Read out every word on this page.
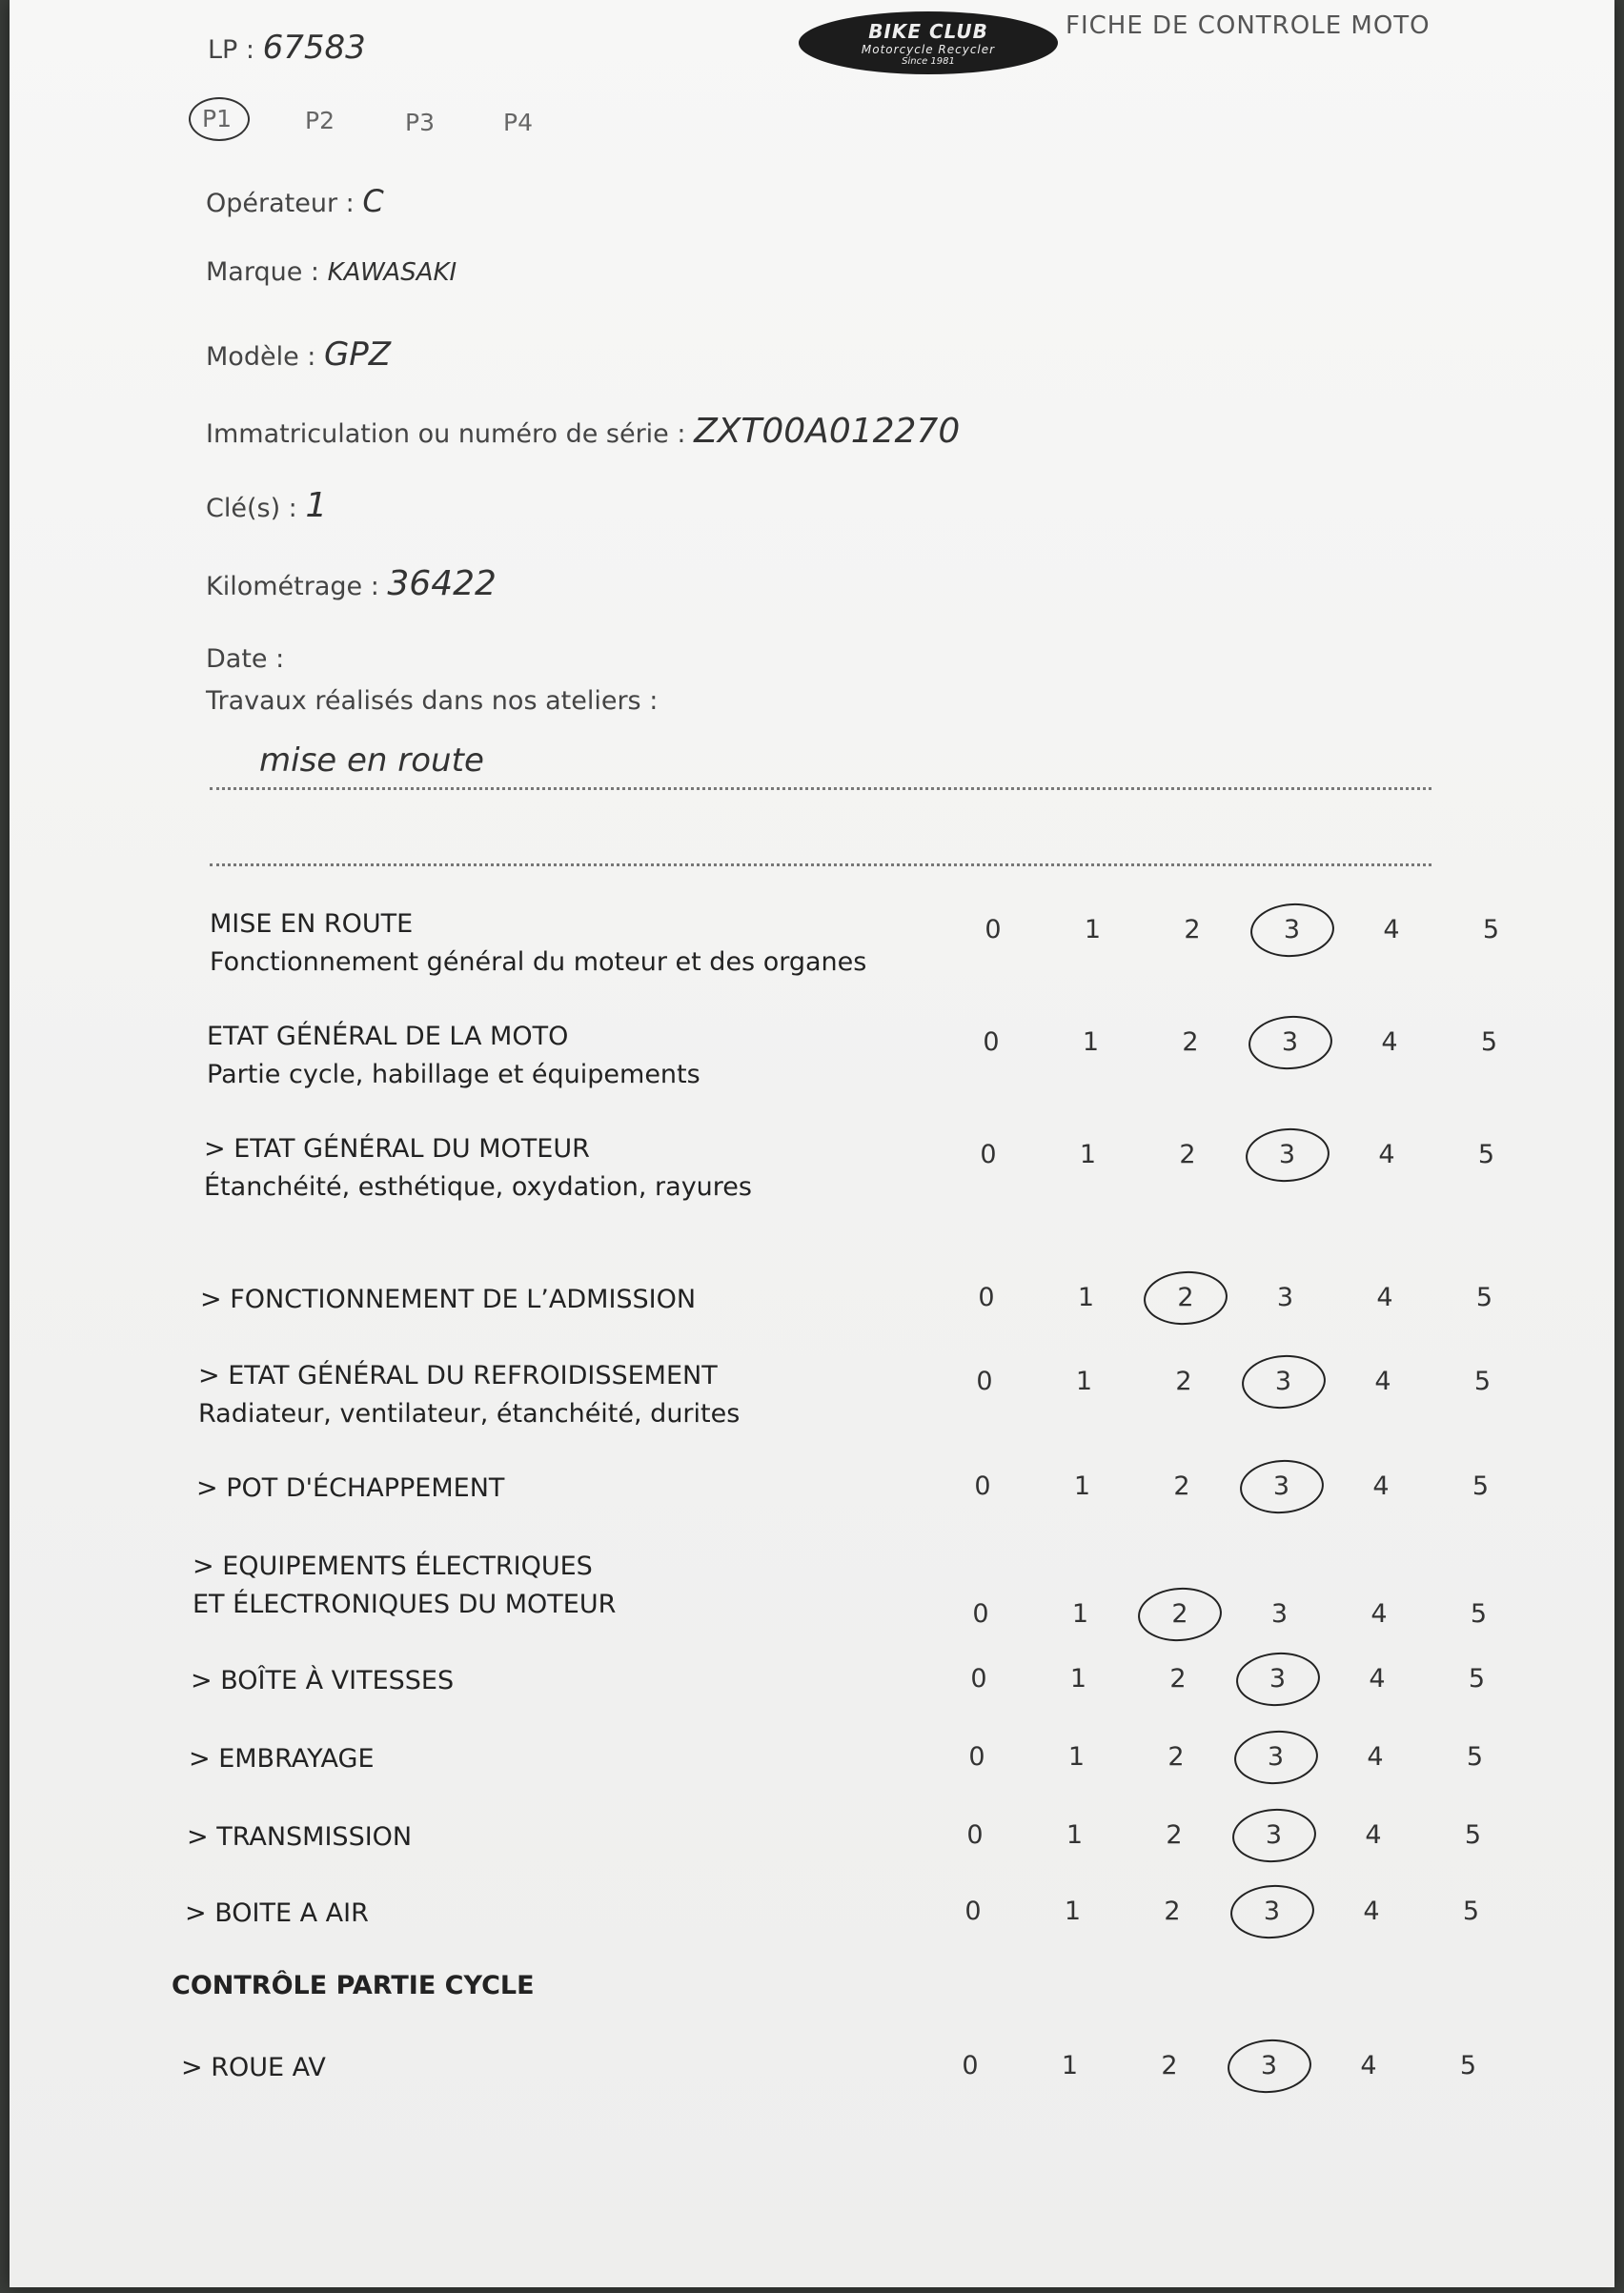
LP : 67583	BIKE CLUB
Motorcycle Recycler
Since 1981
FICHE DE CONTROLE MOTO
P1	P2	P3	P4
Opérateur : C
Marque : KAWASAKI
Modèle : GPZ
Immatriculation ou numéro de série : ZXT00A012270
Clé(s) : 1
Kilométrage : 36422
Date :
Travaux réalisés dans nos ateliers :
mise en route
MISE EN ROUTE
Fonctionnement général du moteur et des organes
0	1	2	3	4	5
ETAT GÉNÉRAL DE LA MOTO
Partie cycle, habillage et équipements
0	1	2	3	4	5
> ETAT GÉNÉRAL DU MOTEUR
Étanchéité, esthétique, oxydation, rayures
0	1	2	3	4	5
> FONCTIONNEMENT DE L’ADMISSION	0	1	2	3	4	5
> ETAT GÉNÉRAL DU REFROIDISSEMENT
Radiateur, ventilateur, étanchéité, durites
0	1	2	3	4	5
> POT D'ÉCHAPPEMENT	0	1	2	3	4	5
> EQUIPEMENTS ÉLECTRIQUES
ET ÉLECTRONIQUES DU MOTEUR	0	1	2	3	4	5
> BOÎTE À VITESSES	0	1	2	3	4	5
> EMBRAYAGE	0	1	2	3	4	5
> TRANSMISSION	0	1	2	3	4	5
> BOITE A AIR	0	1	2	3	4	5
CONTRÔLE PARTIE CYCLE
> ROUE AV	0	1	2	3	4	5
